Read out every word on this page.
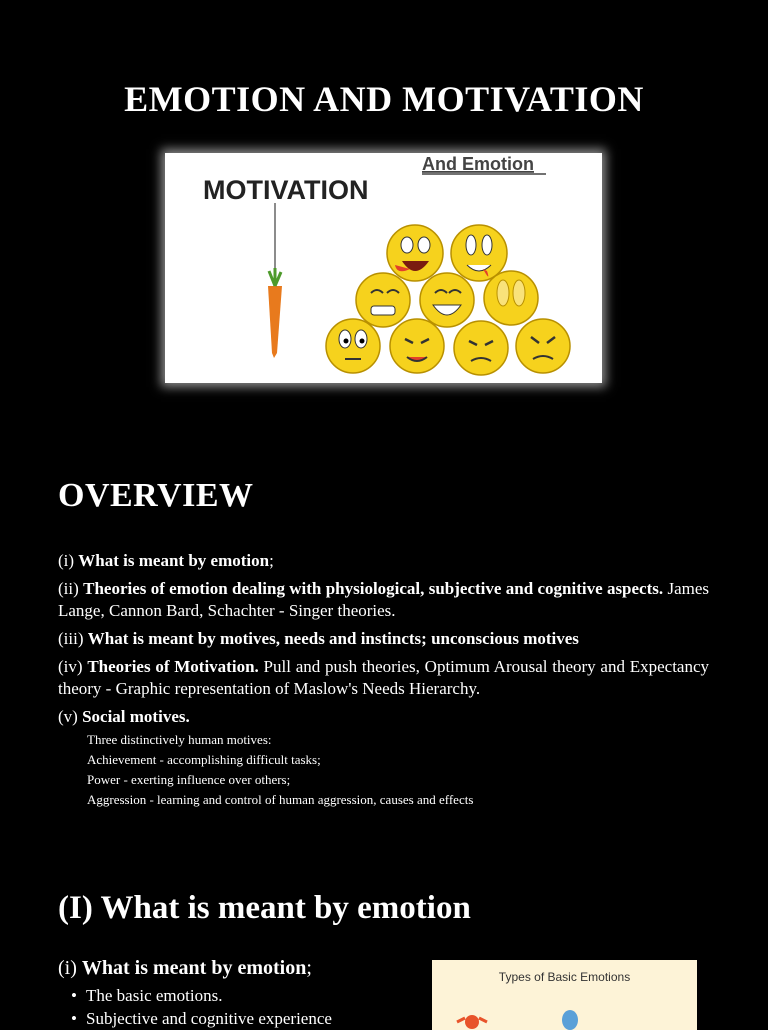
EMOTION AND MOTIVATION
MOTIVATION
And Emotion
OVERVIEW
(i) What is meant by emotion;
(ii) Theories of emotion dealing with physiological, subjective and cognitive aspects. James Lange, Cannon Bard, Schachter - Singer theories.
(iii) What is meant by motives, needs and instincts; unconscious motives
(iv) Theories of Motivation. Pull and push theories, Optimum Arousal theory and Expectancy theory - Graphic representation of Maslow's Needs Hierarchy.
(v) Social motives.
Three distinctively human motives:
Achievement - accomplishing difficult tasks;
Power - exerting influence over others;
Aggression - learning and control of human aggression, causes and effects
(I) What is meant by emotion
(i) What is meant by emotion;
• The basic emotions.
• Subjective and cognitive experience
Types of Basic Emotions
